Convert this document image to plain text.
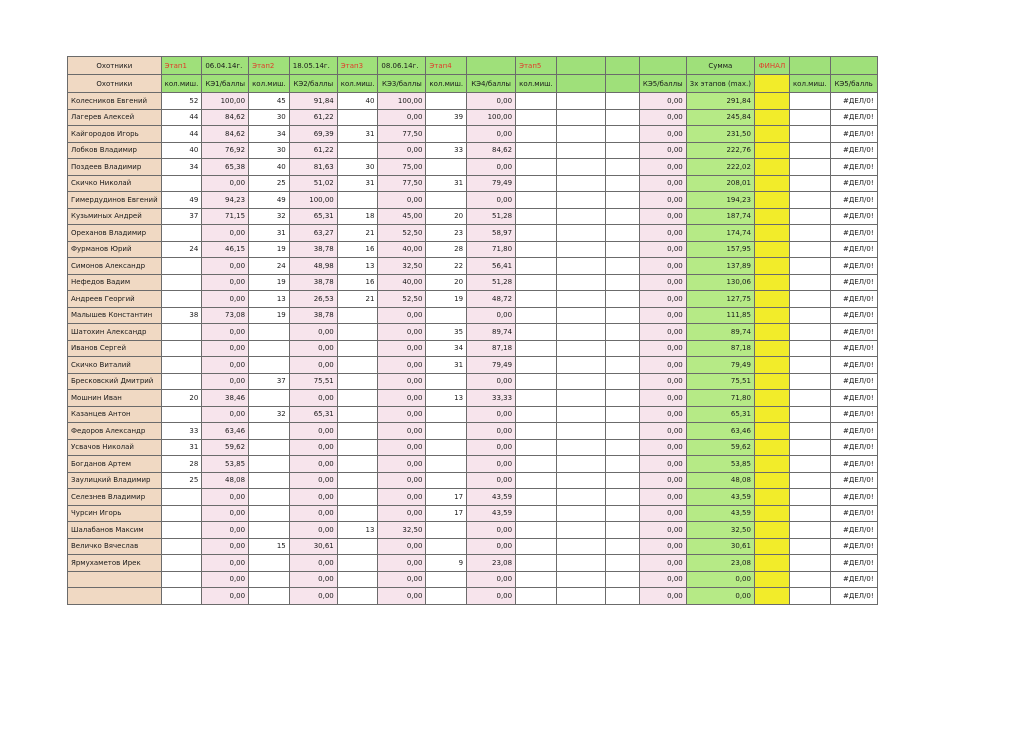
Охотники	Этап1	06.04.14г.	Этап2	18.05.14г.	Этап3	08.06.14г.	Этап4		Этап5				Сумма	ФИНАЛ		
Охотники	кол.миш.	КЭ1/баллы	кол.миш.	КЭ2/баллы	кол.миш.	КЭ3/баллы	кол.миш.	КЭ4/баллы	кол.миш.			КЭ5/баллы	3х этапов (max.)		кол.миш.	КЭ5/балль
Колесников Евгений	52	100,00	45	91,84	40	100,00		0,00				0,00	291,84			#ДЕЛ/0!
Лагерев Алексей	44	84,62	30	61,22		0,00	39	100,00				0,00	245,84			#ДЕЛ/0!
Кайгородов Игорь	44	84,62	34	69,39	31	77,50		0,00				0,00	231,50			#ДЕЛ/0!
Лобков Владимир	40	76,92	30	61,22		0,00	33	84,62				0,00	222,76			#ДЕЛ/0!
Поздеев Владимир	34	65,38	40	81,63	30	75,00		0,00				0,00	222,02			#ДЕЛ/0!
Скичко Николай		0,00	25	51,02	31	77,50	31	79,49				0,00	208,01			#ДЕЛ/0!
Гимердудинов Евгений	49	94,23	49	100,00		0,00		0,00				0,00	194,23			#ДЕЛ/0!
Кузьминых Андрей	37	71,15	32	65,31	18	45,00	20	51,28				0,00	187,74			#ДЕЛ/0!
Ореханов Владимир		0,00	31	63,27	21	52,50	23	58,97				0,00	174,74			#ДЕЛ/0!
Фурманов Юрий	24	46,15	19	38,78	16	40,00	28	71,80				0,00	157,95			#ДЕЛ/0!
Симонов Александр		0,00	24	48,98	13	32,50	22	56,41				0,00	137,89			#ДЕЛ/0!
Нефедов Вадим		0,00	19	38,78	16	40,00	20	51,28				0,00	130,06			#ДЕЛ/0!
Андреев Георгий		0,00	13	26,53	21	52,50	19	48,72				0,00	127,75			#ДЕЛ/0!
Малышев Константин	38	73,08	19	38,78		0,00		0,00				0,00	111,85			#ДЕЛ/0!
Шатохин Александр		0,00		0,00		0,00	35	89,74				0,00	89,74			#ДЕЛ/0!
Иванов Сергей		0,00		0,00		0,00	34	87,18				0,00	87,18			#ДЕЛ/0!
Скичко Виталий		0,00		0,00		0,00	31	79,49				0,00	79,49			#ДЕЛ/0!
Бресковский Дмитрий		0,00	37	75,51		0,00		0,00				0,00	75,51			#ДЕЛ/0!
Мошнин Иван	20	38,46		0,00		0,00	13	33,33				0,00	71,80			#ДЕЛ/0!
Казанцев Антон		0,00	32	65,31		0,00		0,00				0,00	65,31			#ДЕЛ/0!
Федоров Александр	33	63,46		0,00		0,00		0,00				0,00	63,46			#ДЕЛ/0!
Усвачов Николай	31	59,62		0,00		0,00		0,00				0,00	59,62			#ДЕЛ/0!
Богданов Артем	28	53,85		0,00		0,00		0,00				0,00	53,85			#ДЕЛ/0!
Заулицкий Владимир	25	48,08		0,00		0,00		0,00				0,00	48,08			#ДЕЛ/0!
Селезнев Владимир		0,00		0,00		0,00	17	43,59				0,00	43,59			#ДЕЛ/0!
Чурсин Игорь		0,00		0,00		0,00	17	43,59				0,00	43,59			#ДЕЛ/0!
Шалабанов Максим		0,00		0,00	13	32,50		0,00				0,00	32,50			#ДЕЛ/0!
Величко Вячеслав		0,00	15	30,61		0,00		0,00				0,00	30,61			#ДЕЛ/0!
Ярмухаметов Ирек		0,00		0,00		0,00	9	23,08				0,00	23,08			#ДЕЛ/0!
		0,00		0,00		0,00		0,00				0,00	0,00			#ДЕЛ/0!
		0,00		0,00		0,00		0,00				0,00	0,00			#ДЕЛ/0!
